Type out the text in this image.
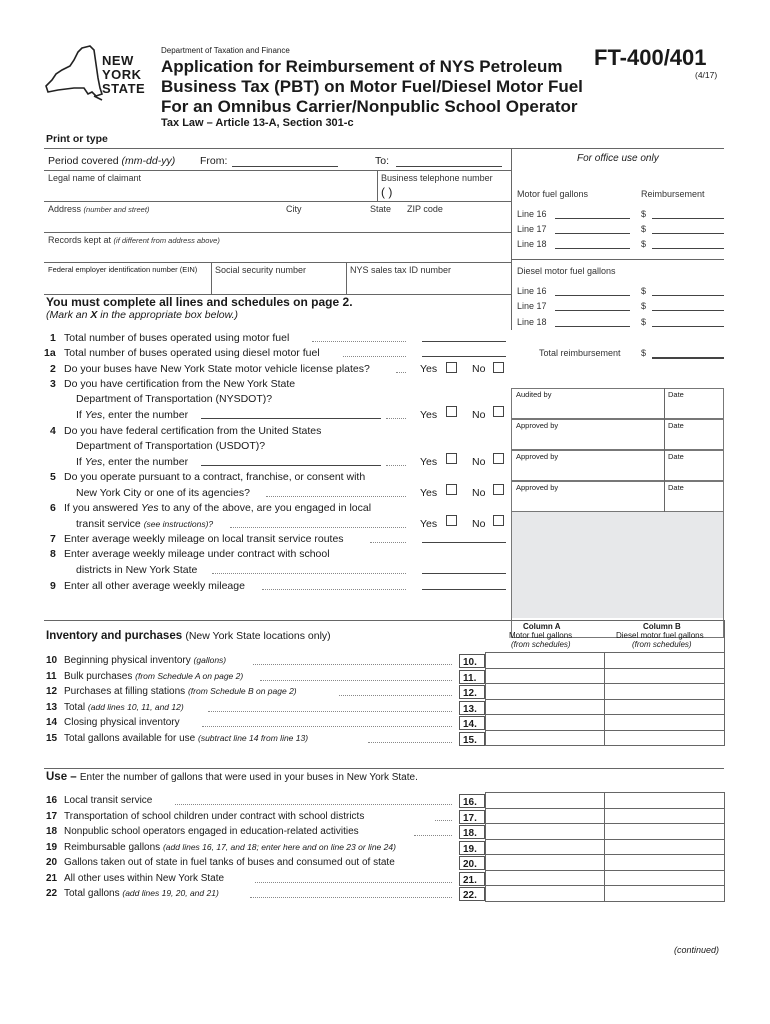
NEW
YORK
STATE
Department of Taxation and Finance
Application for Reimbursement of NYS Petroleum
Business Tax (PBT) on Motor Fuel/Diesel Motor Fuel
For an Omnibus Carrier/Nonpublic School Operator
Tax Law – Article 13-A, Section 301-c
FT-400/401
(4/17)
Print or type
Period covered (mm-dd-yy) From:	To:	For office use only
Legal name of claimant	Business telephone number
( )
Address (number and street)	City	State ZIP code
Records kept at (if different from address above)
Federal employer identification number (EIN) Social security number	NYS sales tax ID number
Motor fuel gallons	Reimbursement
Line 16	$
Line 17	$
Line 18	$
Diesel motor fuel gallons
Line 16	$
Line 17	$
Line 18	$
Total reimbursement $
Audited by	Date
Approved by	Date
Approved by	Date
Approved by	Date
You must complete all lines and schedules on page 2.
(Mark an X in the appropriate box below.)
1 Total number of buses operated using motor fuel
1a Total number of buses operated using diesel motor fuel
2 Do your buses have New York State motor vehicle license plates?	Yes	No
3 Do you have certification from the New York State
Department of Transportation (NYSDOT)?
If Yes, enter the number	Yes	No
4 Do you have federal certification from the United States
Department of Transportation (USDOT)?
If Yes, enter the number	Yes	No
5 Do you operate pursuant to a contract, franchise, or consent with
New York City or one of its agencies?	Yes	No
6 If you answered Yes to any of the above, are you engaged in local
transit service (see instructions)?	Yes	No
7 Enter average weekly mileage on local transit service routes
8 Enter average weekly mileage under contract with school
districts in New York State
9 Enter all other average weekly mileage
Column A
Motor fuel gallons
(from schedules)
Column B
Diesel motor fuel gallons
(from schedules)
Inventory and purchases (New York State locations only)
10 Beginning physical inventory (gallons)	10.
11 Bulk purchases (from Schedule A on page 2)	11.
12 Purchases at filling stations (from Schedule B on page 2)	12.
13 Total (add lines 10, 11, and 12)	13.
14 Closing physical inventory	14.
15 Total gallons available for use (subtract line 14 from line 13)	15.
Use – Enter the number of gallons that were used in your buses in New York State.
16 Local transit service	16.
17 Transportation of school children under contract with school districts	17.
18 Nonpublic school operators engaged in education-related activities	18.
19 Reimbursable gallons (add lines 16, 17, and 18; enter here and on line 23 or line 24)	19.
20 Gallons taken out of state in fuel tanks of buses and consumed out of state	20.
21 All other uses within New York State	21.
22 Total gallons (add lines 19, 20, and 21)	22.
(continued)
